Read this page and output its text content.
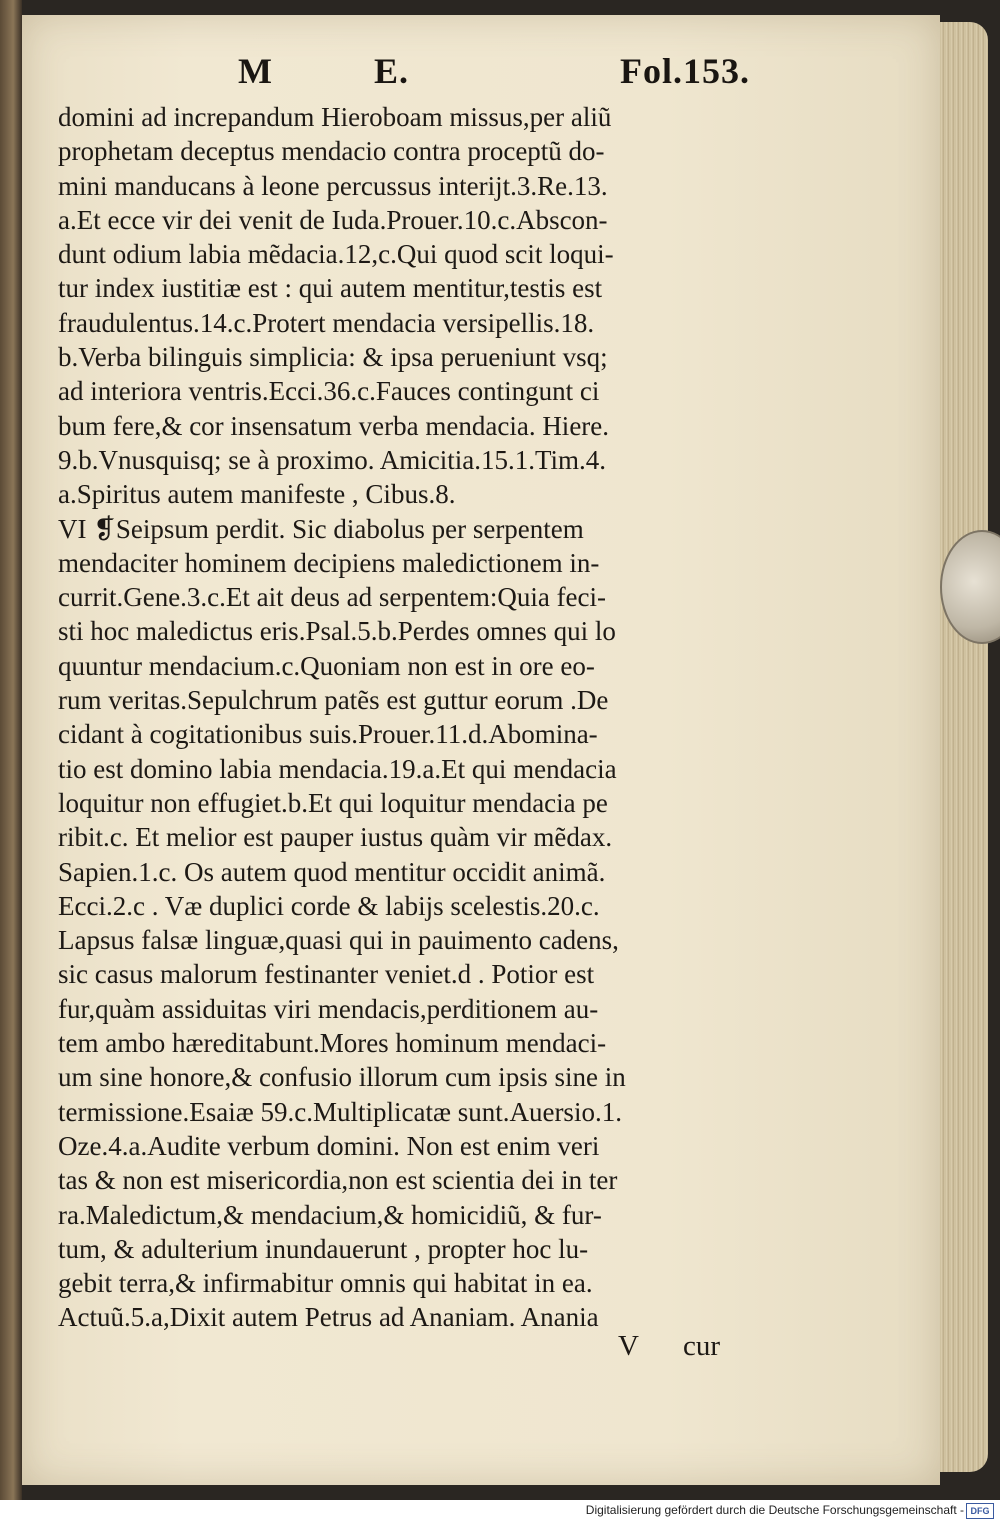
M	E.	Fol.153.
domini ad increpandum Hieroboam missus,per aliũ
prophetam deceptus mendacio contra proceptũ do-
mini manducans à leone percussus interijt.3.Re.13.
a.Et ecce vir dei venit de Iuda.Prouer.10.c.Abscon-
dunt odium labia mẽdacia.12,c.Qui quod scit loqui-
tur index iustitiæ est : qui autem mentitur,testis est
fraudulentus.14.c.Protert mendacia versipellis.18.
b.Verba bilinguis simplicia: & ipsa perueniunt vsq;
ad interiora ventris.Ecci.36.c.Fauces contingunt ci
bum fere,& cor insensatum verba mendacia. Hiere.
9.b.Vnusquisq; se à proximo. Amicitia.15.1.Tim.4.
a.Spiritus autem manifeste , Cibus.8.
VI ❡Seipsum perdit. Sic diabolus per serpentem
mendaciter hominem decipiens maledictionem in-
currit.Gene.3.c.Et ait deus ad serpentem:Quia feci-
sti hoc maledictus eris.Psal.5.b.Perdes omnes qui lo
quuntur mendacium.c.Quoniam non est in ore eo-
rum veritas.Sepulchrum patẽs est guttur eorum .De
cidant à cogitationibus suis.Prouer.11.d.Abomina-
tio est domino labia mendacia.19.a.Et qui mendacia
loquitur non effugiet.b.Et qui loquitur mendacia pe
ribit.c. Et melior est pauper iustus quàm vir mẽdax.
Sapien.1.c. Os autem quod mentitur occidit animã.
Ecci.2.c . Væ duplici corde & labijs scelestis.20.c.
Lapsus falsæ linguæ,quasi qui in pauimento cadens,
sic casus malorum festinanter veniet.d . Potior est
fur,quàm assiduitas viri mendacis,perditionem au-
tem ambo hæreditabunt.Mores hominum mendaci-
um sine honore,& confusio illorum cum ipsis sine in
termissione.Esaiæ 59.c.Multiplicatæ sunt.Auersio.1.
Oze.4.a.Audite verbum domini. Non est enim veri
tas & non est misericordia,non est scientia dei in ter
ra.Maledictum,& mendacium,& homicidiũ, & fur-
tum, & adulterium inundauerunt , propter hoc lu-
gebit terra,& infirmabitur omnis qui habitat in ea.
Actuũ.5.a,Dixit autem Petrus ad Ananiam. Anania
V cur
Digitalisierung gefördert durch die Deutsche Forschungsgemeinschaft - DFG
